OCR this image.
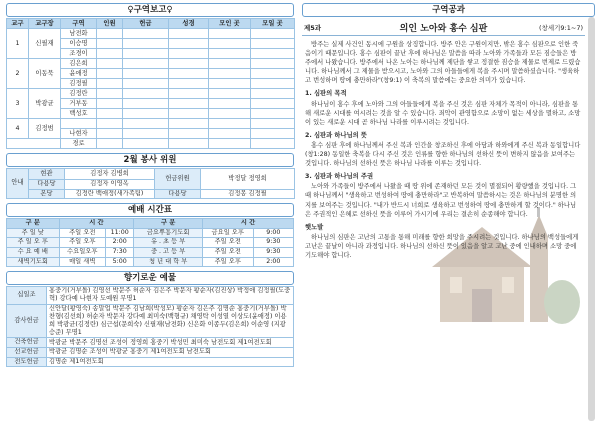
♀구역보고♀
교구	교구장	구역	인원	헌금	성경	모인 곳	모일 곳
1	신필재	남전화					
		이승명					
		조경이					
2	이동묵	김은희					
		윤애정					
		김정필					
3	박광균	김정란					
		거부동					
		백성호					
4	김정범						
		나현자					
		경로					
2월 봉사 위원
안내	현관	김정자 김병희	헌금위원	박정달 정영희
	다용당	김정자 이영옥		
	본당	김정란 백애정(새가족팀)	다용당	김정봉 김정필
예배 시간표
구 분	시 간		구 분	시 간	
주 일 낮	주일 오전	11:00	금요뿌흥기도회	금요일 오후	9:00
주 일 오 후	주일 오후	2:00	유 . 초 등 부	주일 오전	9:30
수 요 예 배	수요일오후	7:30	중 . 고 등 부	주일 오전	9:30
새벽기도회	매일 새벽	5:00	청 년 대 학 부	주일 오후	2:00
향기로운 예물
십일조	홍중기(거부돌) 김영선 박문주 허순자 김은주 박문자 황순자(김진상) 박정애 김정필(도중혁) 강다예 나현자 도예원 무명1
감사헌금	신안달(황영숙) 송말업 박문주 김남희(박성모) 황순자 김은주 김명순 홍중기(거부돌) 박찬형(김선희) 허순자 박문자 강다예 최미숙(백형규) 채영탁 이성열 이상도(윤애정) 이용희 박광균(김정란) 심근섭(문희숙) 신필재(남전화) 신은화 이종두(김은희) 이순영 (지광 승준) 무명1
건축헌금	박광균 박문주 김명선 조성이 정영희 홍중기 박성민 최미숙 남전도회 제1여전도회
선교헌금	박광균 김명순 조성이 박광균 홍중기 제1여전도회 남전도회
전도헌금	김명순 제1여전도회
구역공과
제5과	의인 노아와 홍수 심판	(창세기9:1~7)

방주는 실제 사건인 동시에 구원을 상징합니다. 방주 안은 구원이지만, 밖은 홍수 심판으로 인한 죽음이기 때문입니다. 홍수 심판이 끝난 후에 하나님은 말씀을 따라 노아와 가족들과 모든 짐승들은 방주에서 나왔습니다. 방주에서 나온 노아는 하나님께 제단을 쌓고 정결한 짐승을 제물로 번제로 드렸습니다. 하나님께서 그 제물을 받으시고, 노아와 그의 아들들에게 복을 주시며 말씀하셨습니다. "생육하고 번성하며 땅에 충만하라"(창9:1) 이 축복의 말씀에는 중요한 의미가 있습니다.

1. 심판의 목적

하나님이 홍수 후에 노아와 그의 아들들에게 복을 주신 것은 심판 자체가 목적이 아니라, 심판을 통해 새로운 시대를 여시려는 것을 알 수 있습니다. 죄악이 관영함으로 소망이 없는 세상을 멸하고, 소망이 있는 새로운 시대 곧 하나님 나라를 이루시려는 것입니다.

2. 심판과 하나님의 뜻

홍수 심판 후에 하나님께서 주신 복과 인간을 창조하신 후에 아담과 하와에게 주신 복과 동일합니다(창1:28) 동일한 축복을 다시 주신 것은 인류를 향한 하나님의 선하신 뜻이 변하지 않음을 보여주는 것입니다. 하나님의 선하신 뜻은 하나님 나라를 이루는 것입니다.

3. 심판과 하나님의 주권

노아와 가족들이 방주에서 나왔을 때 땅 위에 존재하던 모든 것이 멸절되어 황량했을 것입니다. 그때 하나님께서 "생육하고 번성하여 땅에 충만하라"고 반복하여 말씀하시는 것은 하나님의 분명한 의지를 보여주는 것입니다. "내가 반드시 너희로 생육하고 번성하여 땅에 충만하게 할 것이다." 하나님은 주권적인 은혜로 선하신 뜻을 이루어 가시기에 우리는 결손히 순종해야 합니다.

햇노발

하나님의 심판은 고난의 고통을 통해 미래를 향한 희망을 주시려는 것입니다. 하나님의 백성들에게 고난은 끝날이 아니라 과정입니다. 하나님의 선하신 뜻이 있음을 알고 고난 중에 인내하며 소망 중에 기도해야 합니다.
